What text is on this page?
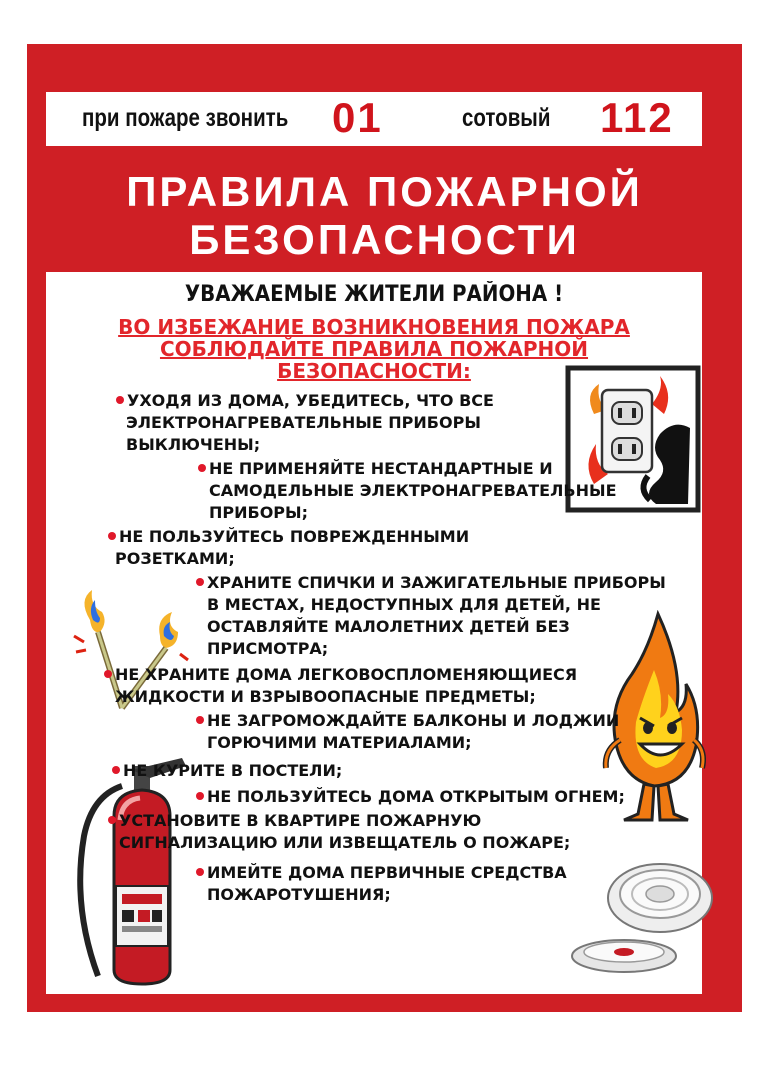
при пожаре звонить 01	сотовый 112
ПРАВИЛА ПОЖАРНОЙ
БЕЗОПАСНОСТИ
УВАЖАЕМЫЕ ЖИТЕЛИ РАЙОНА !
ВО ИЗБЕЖАНИЕ ВОЗНИКНОВЕНИЯ ПОЖАРА
СОБЛЮДАЙТЕ ПРАВИЛА ПОЖАРНОЙ
БЕЗОПАСНОСТИ:
УХОДЯ ИЗ ДОМА, УБЕДИТЕСЬ, ЧТО ВСЕ
ЭЛЕКТРОНАГРЕВАТЕЛЬНЫЕ ПРИБОРЫ
ВЫКЛЮЧЕНЫ;
НЕ ПРИМЕНЯЙТЕ НЕСТАНДАРТНЫЕ И
САМОДЕЛЬНЫЕ ЭЛЕКТРОНАГРЕВАТЕЛЬНЫЕ
ПРИБОРЫ;
НЕ ПОЛЬЗУЙТЕСЬ ПОВРЕЖДЕННЫМИ
РОЗЕТКАМИ;
ХРАНИТЕ СПИЧКИ И ЗАЖИГАТЕЛЬНЫЕ ПРИБОРЫ
В МЕСТАХ, НЕДОСТУПНЫХ ДЛЯ ДЕТЕЙ, НЕ
ОСТАВЛЯЙТЕ МАЛОЛЕТНИХ ДЕТЕЙ БЕЗ
ПРИСМОТРА;
НЕ ХРАНИТЕ ДОМА ЛЕГКОВОСПЛОМЕНЯЮЩИЕСЯ
ЖИДКОСТИ И ВЗРЫВООПАСНЫЕ ПРЕДМЕТЫ;
НЕ ЗАГРОМОЖДАЙТЕ БАЛКОНЫ И ЛОДЖИИ
ГОРЮЧИМИ МАТЕРИАЛАМИ;
НЕ КУРИТЕ В ПОСТЕЛИ;
НЕ ПОЛЬЗУЙТЕСЬ ДОМА ОТКРЫТЫМ ОГНЕМ;
УСТАНОВИТЕ В КВАРТИРЕ ПОЖАРНУЮ
СИГНАЛИЗАЦИЮ ИЛИ ИЗВЕЩАТЕЛЬ О ПОЖАРЕ;
ИМЕЙТЕ ДОМА ПЕРВИЧНЫЕ СРЕДСТВА
ПОЖАРОТУШЕНИЯ;
